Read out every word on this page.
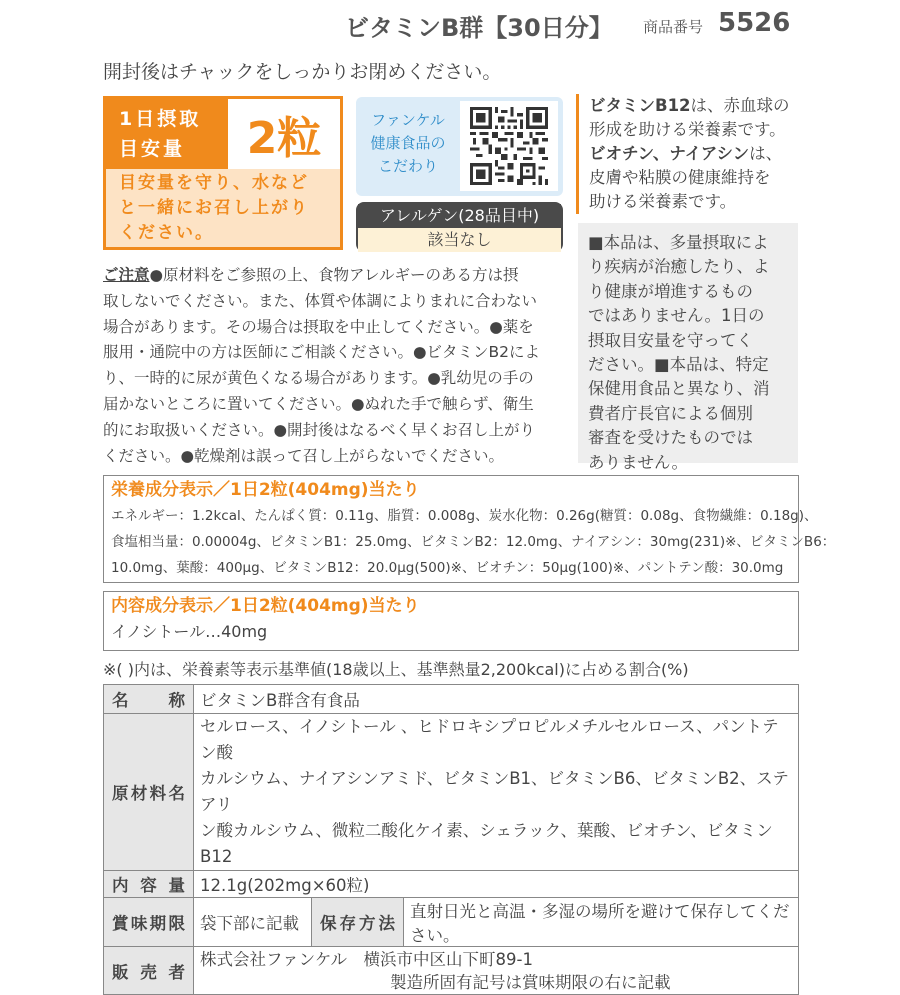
ビタミンB群【30日分】 商品番号 5526
開封後はチャックをしっかりお閉めください。
1日摂取
目安量	2粒
目安量を守り、水など
と一緒にお召し上がり
ください。
ファンケル
健康食品の
こだわり
アレルゲン(28品目中)
該当なし
ビタミンB12は、赤血球の
形成を助ける栄養素です。
ビオチン、ナイアシンは、
皮膚や粘膜の健康維持を
助ける栄養素です。
■本品は、多量摂取によ
り疾病が治癒したり、よ
り健康が増進するもの
ではありません。1日の
摂取目安量を守ってく
ださい。■本品は、特定
保健用食品と異なり、消
費者庁長官による個別
審査を受けたものでは
ありません。
ご注意●原材料をご参照の上、食物アレルギーのある方は摂
取しないでください。また、体質や体調によりまれに合わない
場合があります。その場合は摂取を中止してください。●薬を
服用・通院中の方は医師にご相談ください。●ビタミンB2によ
り、一時的に尿が黄色くなる場合があります。●乳幼児の手の
届かないところに置いてください。●ぬれた手で触らず、衛生
的にお取扱いください。●開封後はなるべく早くお召し上がり
ください。●乾燥剤は誤って召し上がらないでください。
栄養成分表示／1日2粒(404mg)当たり
エネルギー：1.2kcal、たんぱく質：0.11g、脂質：0.008g、炭水化物：0.26g(糖質：0.08g、食物繊維：0.18g)、
食塩相当量：0.00004g、ビタミンB1：25.0mg、ビタミンB2：12.0mg、ナイアシン：30mg(231)※、ビタミンB6：
10.0mg、葉酸：400μg、ビタミンB12：20.0μg(500)※、ビオチン：50μg(100)※、パントテン酸：30.0mg
内容成分表示／1日2粒(404mg)当たり
イノシトール…40mg
※( )内は、栄養素等表示基準値(18歳以上、基準熱量2,200kcal)に占める割合(%)
名称	ビタミンB群含有食品		
原材料名	セルロース、イノシトール 、ヒドロキシプロピルメチルセルロース、パントテン酸
カルシウム、ナイアシンアミド、ビタミンB1、ビタミンB6、ビタミンB2、ステアリ
ン酸カルシウム、微粒二酸化ケイ素、シェラック、葉酸、ビオチン、ビタミンB12		

内容量	12.1g(202mg×60粒)		
賞味期限	袋下部に記載	保存方法	直射日光と高温・多湿の場所を避けて保存してください。
販売者	株式会社ファンケル　 横浜市中区山下町89-1
製造所固有記号は賞味期限の右に記載		
